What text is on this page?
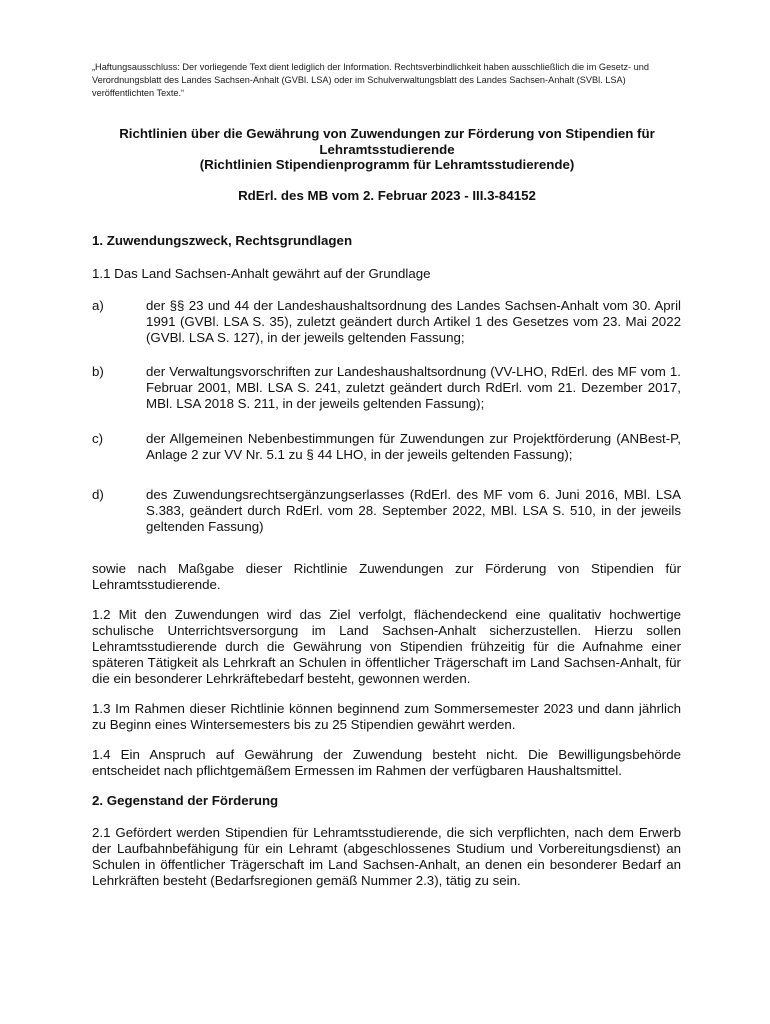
„Haftungsausschluss: Der vorliegende Text dient lediglich der Information. Rechtsverbindlichkeit haben ausschließlich die im Gesetz- und Verordnungsblatt des Landes Sachsen-Anhalt (GVBl. LSA) oder im Schulverwaltungsblatt des Landes Sachsen-Anhalt (SVBl. LSA) veröffentlichten Texte.“
Richtlinien über die Gewährung von Zuwendungen zur Förderung von Stipendien für
Lehramtsstudierende
(Richtlinien Stipendienprogramm für Lehramtsstudierende)
RdErl. des MB vom 2. Februar 2023 - III.3-84152
1. Zuwendungszweck, Rechtsgrundlagen
1.1 Das Land Sachsen-Anhalt gewährt auf der Grundlage
a)	der §§ 23 und 44 der Landeshaushaltsordnung des Landes Sachsen-Anhalt vom 30. April 1991 (GVBl. LSA S. 35), zuletzt geändert durch Artikel 1 des Gesetzes vom 23. Mai 2022 (GVBl. LSA S. 127), in der jeweils geltenden Fassung;
b)	der Verwaltungsvorschriften zur Landeshaushaltsordnung (VV-LHO, RdErl. des MF vom 1. Februar 2001, MBl. LSA S. 241, zuletzt geändert durch RdErl. vom 21. Dezember 2017, MBl. LSA 2018 S. 211, in der jeweils geltenden Fassung);
c)	der Allgemeinen Nebenbestimmungen für Zuwendungen zur Projektförderung (ANBest-P, Anlage 2 zur VV Nr. 5.1 zu § 44 LHO, in der jeweils geltenden Fassung);
d)	des Zuwendungsrechtsergänzungserlasses (RdErl. des MF vom 6. Juni 2016, MBl. LSA S.383, geändert durch RdErl. vom 28. September 2022, MBl. LSA S. 510, in der jeweils geltenden Fassung)
sowie nach Maßgabe dieser Richtlinie Zuwendungen zur Förderung von Stipendien für Lehramtsstudierende.
1.2 Mit den Zuwendungen wird das Ziel verfolgt, flächendeckend eine qualitativ hochwertige schulische Unterrichtsversorgung im Land Sachsen-Anhalt sicherzustellen. Hierzu sollen Lehramtsstudierende durch die Gewährung von Stipendien frühzeitig für die Aufnahme einer späteren Tätigkeit als Lehrkraft an Schulen in öffentlicher Trägerschaft im Land Sachsen-Anhalt, für die ein besonderer Lehrkräftebedarf besteht, gewonnen werden.
1.3 Im Rahmen dieser Richtlinie können beginnend zum Sommersemester 2023 und dann jährlich zu Beginn eines Wintersemesters bis zu 25 Stipendien gewährt werden.
1.4 Ein Anspruch auf Gewährung der Zuwendung besteht nicht. Die Bewilligungsbehörde entscheidet nach pflichtgemäßem Ermessen im Rahmen der verfügbaren Haushaltsmittel.
2. Gegenstand der Förderung
2.1 Gefördert werden Stipendien für Lehramtsstudierende, die sich verpflichten, nach dem Erwerb der Laufbahnbefähigung für ein Lehramt (abgeschlossenes Studium und Vorbereitungsdienst) an Schulen in öffentlicher Trägerschaft im Land Sachsen-Anhalt, an denen ein besonderer Bedarf an Lehrkräften besteht (Bedarfsregionen gemäß Nummer 2.3), tätig zu sein.
